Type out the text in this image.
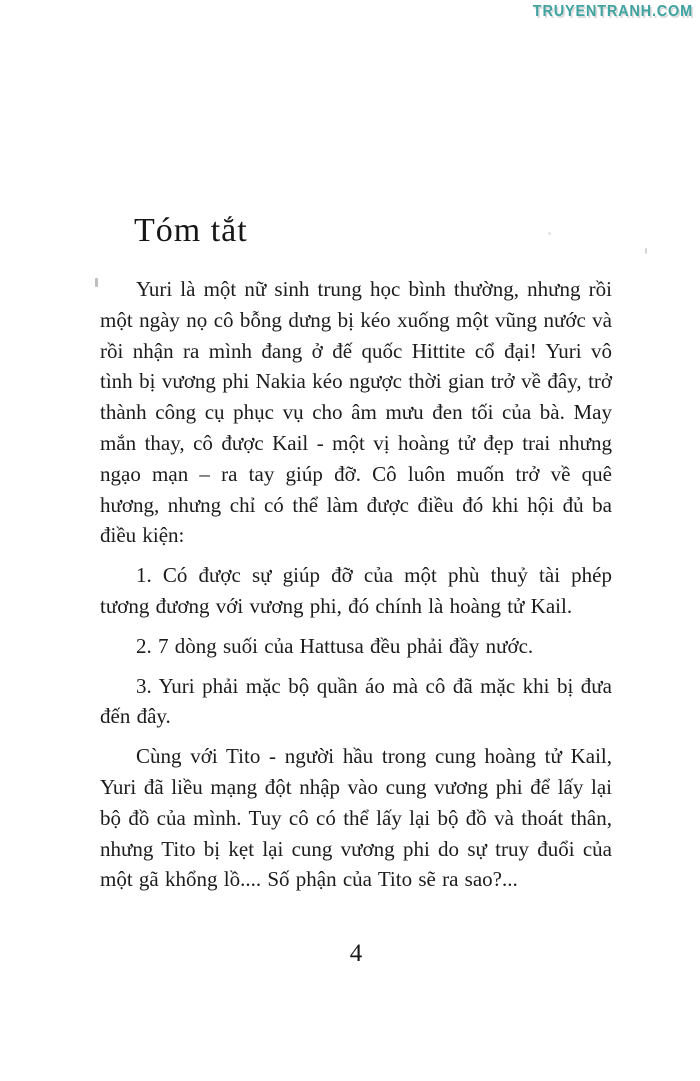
TRUYENTRANH.COM
Tóm tắt

Yuri là một nữ sinh trung học bình thường, nhưng rồi một ngày nọ cô bỗng dưng bị kéo xuống một vũng nước và rồi nhận ra mình đang ở đế quốc Hittite cổ đại! Yuri vô tình bị vương phi Nakia kéo ngược thời gian trở về đây, trở thành công cụ phục vụ cho âm mưu đen tối của bà. May mắn thay, cô được Kail - một vị hoàng tử đẹp trai nhưng ngạo mạn – ra tay giúp đỡ. Cô luôn muốn trở về quê hương, nhưng chỉ có thể làm được điều đó khi hội đủ ba điều kiện:

1. Có được sự giúp đỡ của một phù thuỷ tài phép tương đương với vương phi, đó chính là hoàng tử Kail.

2. 7 dòng suối của Hattusa đều phải đầy nước.

3. Yuri phải mặc bộ quần áo mà cô đã mặc khi bị đưa đến đây.

Cùng với Tito - người hầu trong cung hoàng tử Kail, Yuri đã liều mạng đột nhập vào cung vương phi để lấy lại bộ đồ của mình. Tuy cô có thể lấy lại bộ đồ và thoát thân, nhưng Tito bị kẹt lại cung vương phi do sự truy đuổi của một gã khổng lồ.... Số phận của Tito sẽ ra sao?...

4
